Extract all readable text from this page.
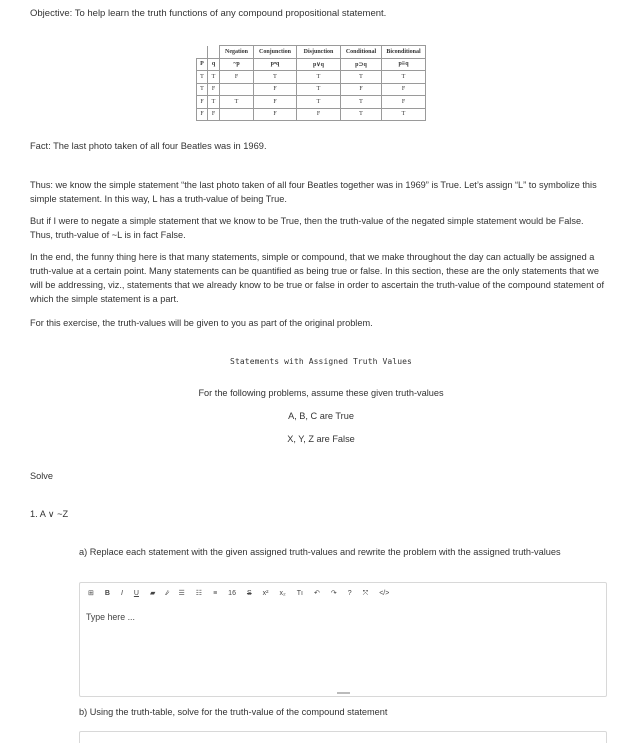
Objective: To help learn the truth functions of any compound propositional statement.
		Negation	Conjunction	Disjunction	Conditional	Biconditional
P	q	~p	p•q	p∨q	p⊃q	p≡q
T	T	F	T	T	T	T
T	F		F	T	F	F
F	T	T	F	T	T	F
F	F		F	F	T	T
Fact: The last photo taken of all four Beatles was in 1969.
Thus: we know the simple statement “the last photo taken of all four Beatles together was in 1969” is True. Let’s assign “L” to symbolize this simple statement. In this way, L has a truth-value of being True.
But if I were to negate a simple statement that we know to be True, then the truth-value of the negated simple statement would be False. Thus, truth-value of ~L is in fact False.
In the end, the funny thing here is that many statements, simple or compound, that we make throughout the day can actually be assigned a truth-value at a certain point. Many statements can be quantified as being true or false. In this section, these are the only statements that we will be addressing, viz., statements that we already know to be true or false in order to ascertain the truth-value of the compound statement of which the simple statement is a part.
For this exercise, the truth-values will be given to you as part of the original problem.
Statements with Assigned Truth Values
For the following problems, assume these given truth-values
A, B, C are True
X, Y, Z are False
Solve
1. A ∨ ~Z
a) Replace each statement with the given assigned truth-values and rewrite the problem with the assigned truth-values
⊞ B I U ▰ ⁄̷ ☰ ☷ ≡ 16 S x² x₂ Tı ↶ ↷ ? ⤧ </>
Type here ...
b) Using the truth-table, solve for the truth-value of the compound statement
